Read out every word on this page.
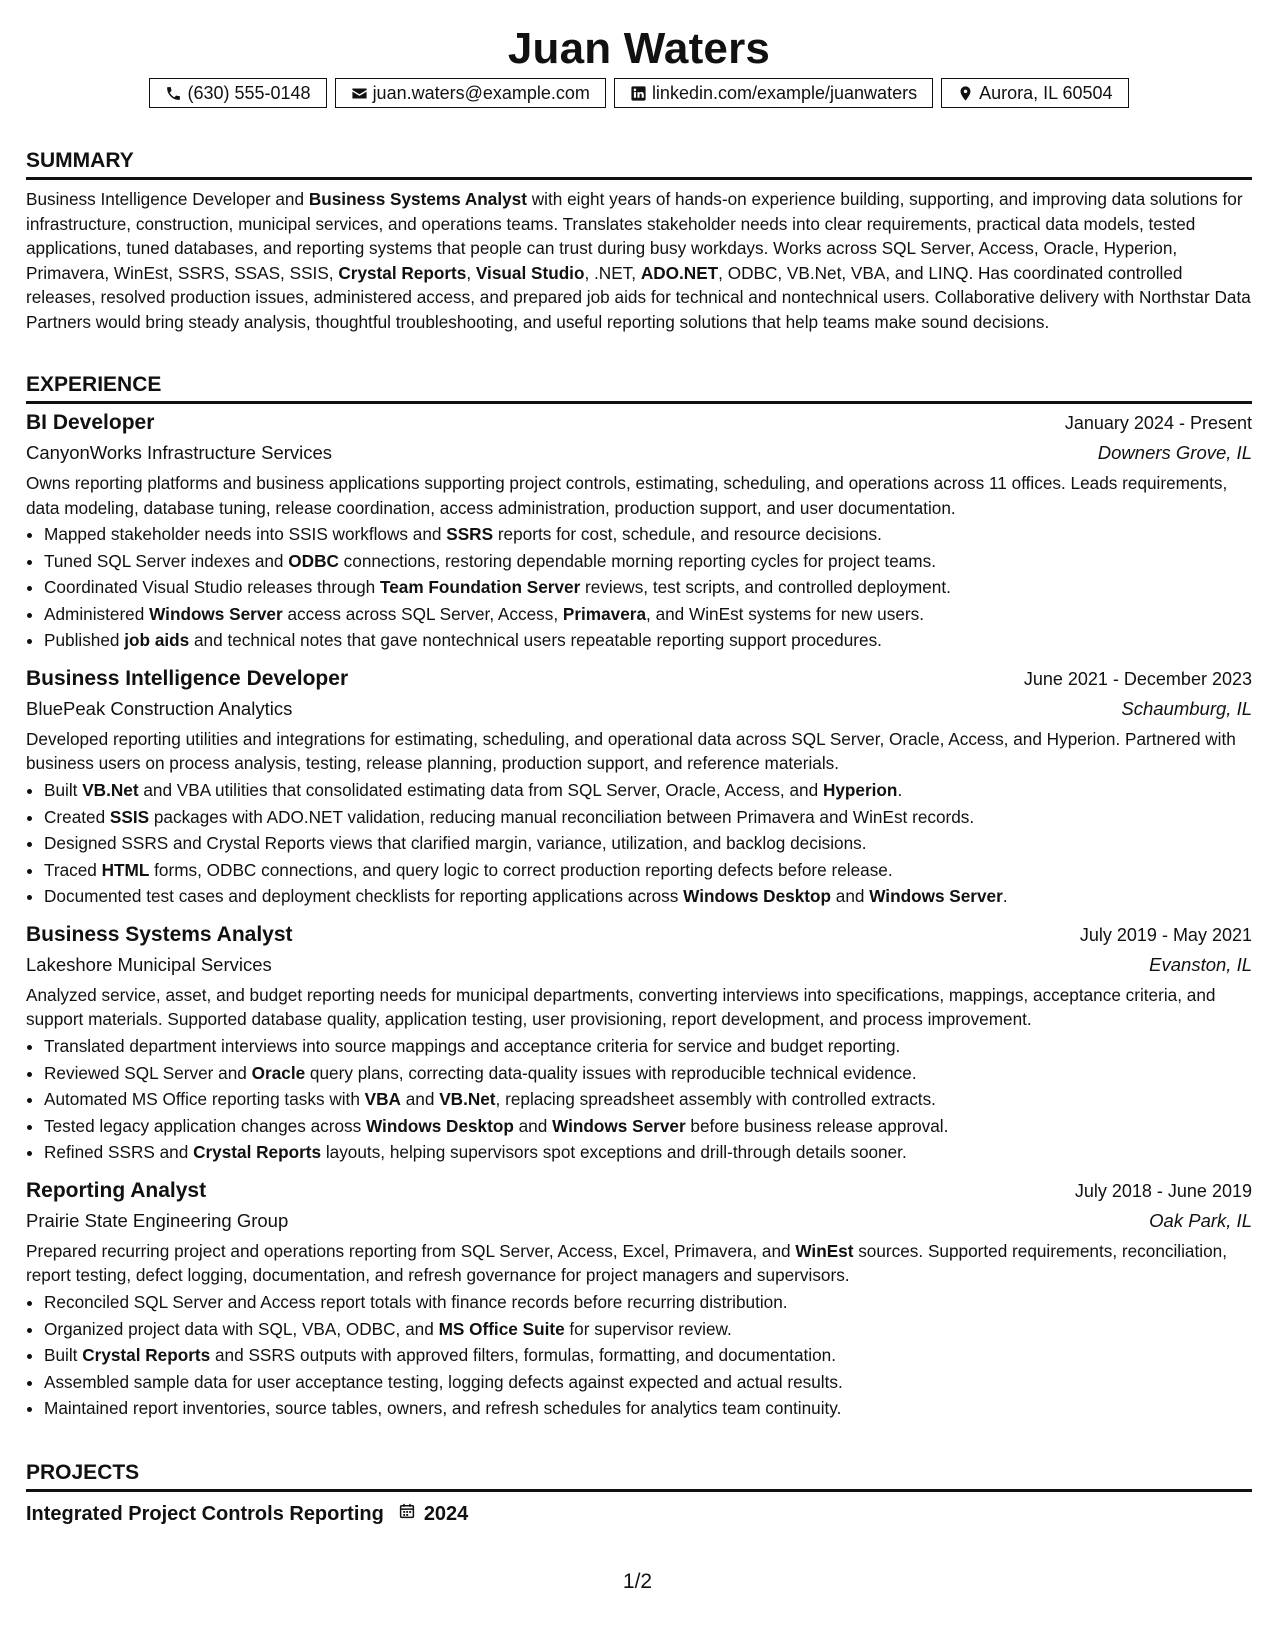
Juan Waters
(630) 555-0148	juan.waters@example.com	linkedin.com/example/juanwaters	Aurora, IL 60504
SUMMARY
Business Intelligence Developer and Business Systems Analyst with eight years of hands-on experience building, supporting, and improving data solutions for infrastructure, construction, municipal services, and operations teams. Translates stakeholder needs into clear requirements, practical data models, tested applications, tuned databases, and reporting systems that people can trust during busy workdays. Works across SQL Server, Access, Oracle, Hyperion, Primavera, WinEst, SSRS, SSAS, SSIS, Crystal Reports, Visual Studio, .NET, ADO.NET, ODBC, VB.Net, VBA, and LINQ. Has coordinated controlled releases, resolved production issues, administered access, and prepared job aids for technical and nontechnical users. Collaborative delivery with Northstar Data Partners would bring steady analysis, thoughtful troubleshooting, and useful reporting solutions that help teams make sound decisions.
EXPERIENCE
BI Developer	January 2024 - Present
CanyonWorks Infrastructure Services	Downers Grove, IL
Owns reporting platforms and business applications supporting project controls, estimating, scheduling, and operations across 11 offices. Leads requirements, data modeling, database tuning, release coordination, access administration, production support, and user documentation.
• Mapped stakeholder needs into SSIS workflows and SSRS reports for cost, schedule, and resource decisions.
• Tuned SQL Server indexes and ODBC connections, restoring dependable morning reporting cycles for project teams.
• Coordinated Visual Studio releases through Team Foundation Server reviews, test scripts, and controlled deployment.
• Administered Windows Server access across SQL Server, Access, Primavera, and WinEst systems for new users.
• Published job aids and technical notes that gave nontechnical users repeatable reporting support procedures.
Business Intelligence Developer	June 2021 - December 2023
BluePeak Construction Analytics	Schaumburg, IL
Developed reporting utilities and integrations for estimating, scheduling, and operational data across SQL Server, Oracle, Access, and Hyperion. Partnered with business users on process analysis, testing, release planning, production support, and reference materials.
• Built VB.Net and VBA utilities that consolidated estimating data from SQL Server, Oracle, Access, and Hyperion.
• Created SSIS packages with ADO.NET validation, reducing manual reconciliation between Primavera and WinEst records.
• Designed SSRS and Crystal Reports views that clarified margin, variance, utilization, and backlog decisions.
• Traced HTML forms, ODBC connections, and query logic to correct production reporting defects before release.
• Documented test cases and deployment checklists for reporting applications across Windows Desktop and Windows Server.
Business Systems Analyst	July 2019 - May 2021
Lakeshore Municipal Services	Evanston, IL
Analyzed service, asset, and budget reporting needs for municipal departments, converting interviews into specifications, mappings, acceptance criteria, and support materials. Supported database quality, application testing, user provisioning, report development, and process improvement.
• Translated department interviews into source mappings and acceptance criteria for service and budget reporting.
• Reviewed SQL Server and Oracle query plans, correcting data-quality issues with reproducible technical evidence.
• Automated MS Office reporting tasks with VBA and VB.Net, replacing spreadsheet assembly with controlled extracts.
• Tested legacy application changes across Windows Desktop and Windows Server before business release approval.
• Refined SSRS and Crystal Reports layouts, helping supervisors spot exceptions and drill-through details sooner.
Reporting Analyst	July 2018 - June 2019
Prairie State Engineering Group	Oak Park, IL
Prepared recurring project and operations reporting from SQL Server, Access, Excel, Primavera, and WinEst sources. Supported requirements, reconciliation, report testing, defect logging, documentation, and refresh governance for project managers and supervisors.
• Reconciled SQL Server and Access report totals with finance records before recurring distribution.
• Organized project data with SQL, VBA, ODBC, and MS Office Suite for supervisor review.
• Built Crystal Reports and SSRS outputs with approved filters, formulas, formatting, and documentation.
• Assembled sample data for user acceptance testing, logging defects against expected and actual results.
• Maintained report inventories, source tables, owners, and refresh schedules for analytics team continuity.
PROJECTS
Integrated Project Controls Reporting 2024
1/2
